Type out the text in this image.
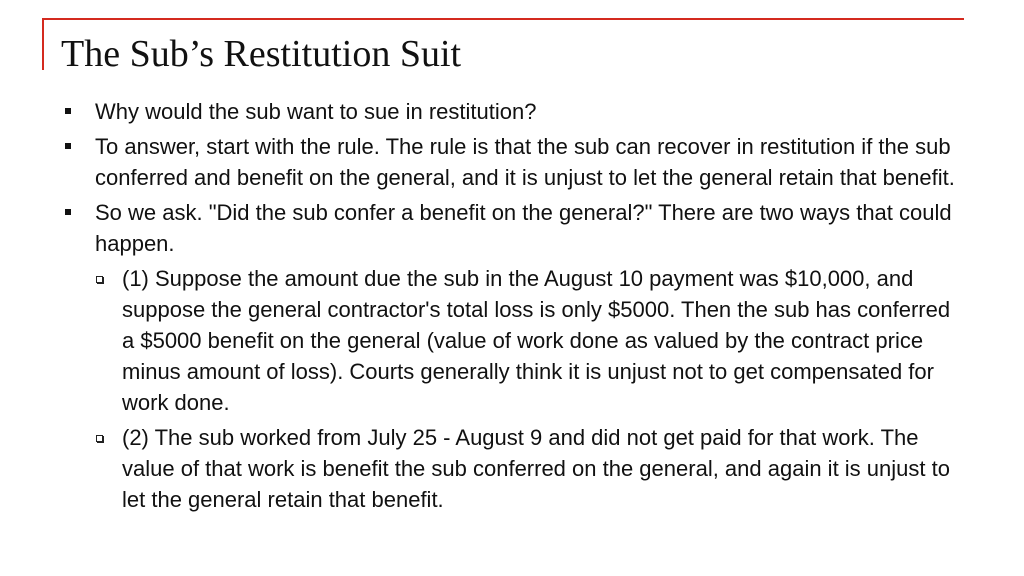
The Sub’s Restitution Suit
Why would the sub want to sue in restitution?
To answer, start with the rule. The rule is that the sub can recover in restitution if the sub conferred and benefit on the general, and it is unjust to let the general retain that benefit.
So we ask. "Did the sub confer a benefit on the general?" There are two ways that could happen.
(1) Suppose the amount due the sub in the August 10 payment was $10,000, and suppose the general contractor's total loss is only $5000. Then the sub has conferred a $5000 benefit on the general (value of work done as valued by the contract price minus amount of loss). Courts generally think it is unjust not to get compensated for work done.
(2) The sub worked from July 25 - August 9 and did not get paid for that work. The value of that work is benefit the sub conferred on the general, and again it is unjust to let the general retain that benefit.
